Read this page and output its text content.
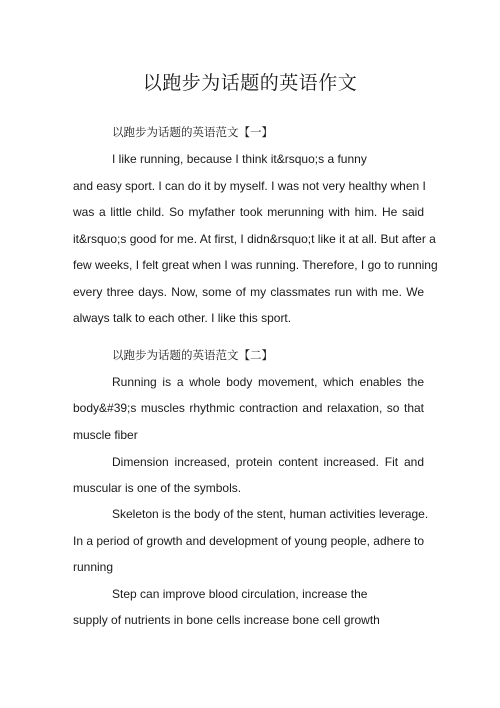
以跑步为话题的英语作文
以跑步为话题的英语范文【一】
I like running, because I think it&rsquo;s a funny
and easy sport. I can do it by myself. I was not very healthy when I
was a little child. So myfather took merunning with him. He said
it&rsquo;s good for me. At first, I didn&rsquo;t like it at all. But after a
few weeks, I felt great when I was running. Therefore, I go to running
every three days. Now, some of my classmates run with me. We
always talk to each other. I like this sport.
以跑步为话题的英语范文【二】
Running is a whole body movement, which enables the
body&#39;s muscles rhythmic contraction and relaxation, so that
muscle fiber
Dimension increased, protein content increased. Fit and
muscular is one of the symbols.
Skeleton is the body of the stent, human activities leverage.
In a period of growth and development of young people, adhere to
running
Step can improve blood circulation, increase the
supply of nutrients in bone cells increase bone cell growth
